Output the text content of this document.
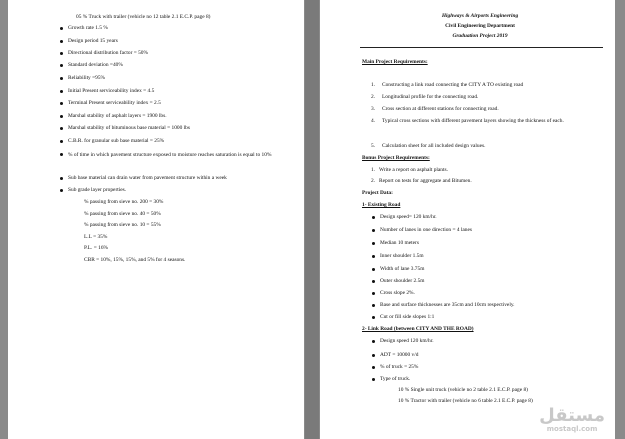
05 % Truck with trailer (vehicle no 12 table 2.1 E.C.P. page 8)
Growth rate 1.5 %
Design period 15 years
Directional distribution factor = 50%
Standard deviation =40%
Reliability =95%
Initial Present serviceability index = 4.5
Terminal Present serviceability index = 2.5
Marshal stability of asphalt layers = 1900 lbs.
Marshal stability of bituminous base material = 1000 lbs
C.B.R. for granular sub base material = 25%
% of time in which pavement structure exposed to moisture reaches saturation is equal to 10%
Sub base material can drain water from pavement structure within a week
Sub grade layer properties.
% passing from sieve no. 200 = 30%
% passing from sieve no. 40 = 50%
% passing from sieve no. 10 = 55%
L.L = 35%
P.L. = 16%
CBR = 10%, 15%, 15%, and 5% for 4 seasons.
Highways & Airports Engineering
Civil Engineering Department
Graduation Project 2019
Main Project Requirements:
1. Constructing a link road connecting the CITY A TO existing road
2. Longitudinal profile for the connecting road.
3. Cross section at different stations for connecting road.
4. Typical cross sections with different pavement layers showing the thickness of each.
5. Calculation sheet for all included design values.
Bonus Project Requirements:
1. Write a report on asphalt plants.
2. Report on tests for aggregate and Bitumen.
Project Data:
1- Existing Road
Design speed= 120 km/hr.
Number of lanes in one direction = 4 lanes
Median 10 meters
Inner shoulder 1.5m
Width of lane 3.75m
Outer shoulder 2.5m
Cross slope 2%.
Base and surface thicknesses are 35cm and 10cm respectively.
Cut or fill side slopes 1:1
2- Link Road (between CITY AND THE ROAD)
Design speed 120 km/hr.
ADT = 10000 v/d
% of truck = 25%
Type of truck.
10 % Single unit truck (vehicle no 2 table 2.1 E.C.P. page 8)
10 % Tractor with trailer (vehicle no 6 table 2.1 E.C.P. page 8)
مستقل
mostaql.com
